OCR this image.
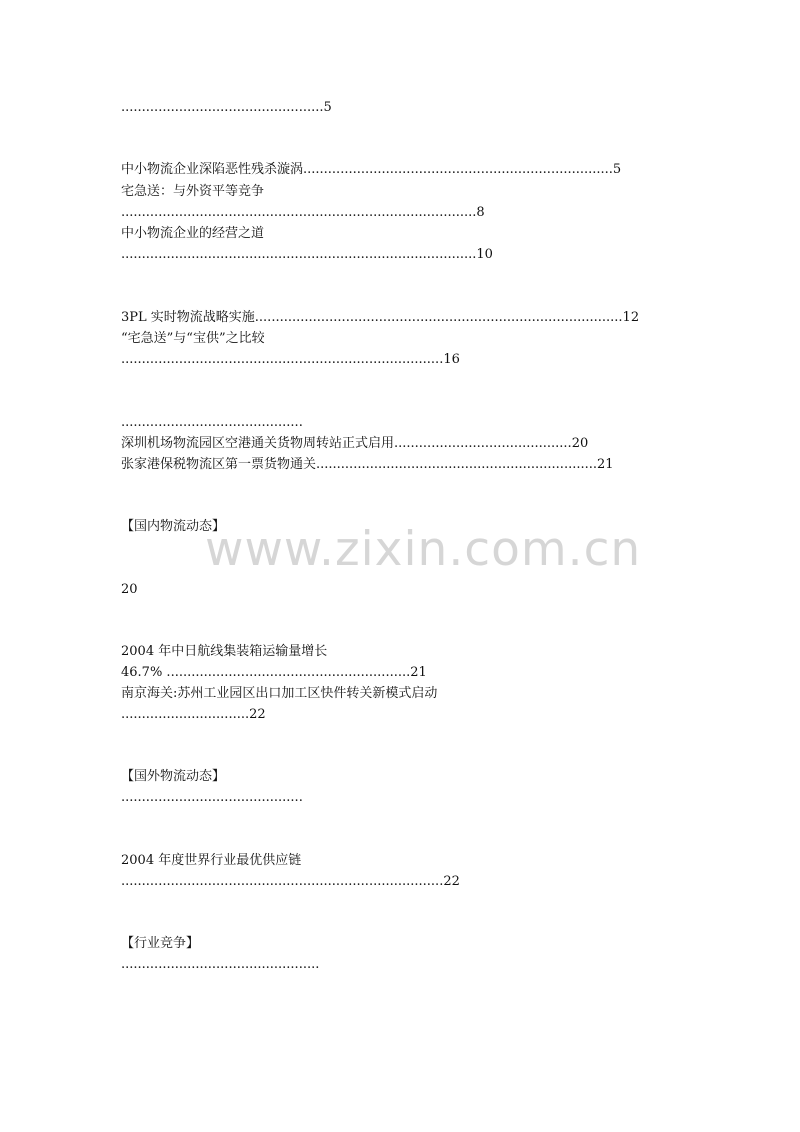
www.zixin.com.cn
.................................................5
中小物流企业深陷恶性残杀漩涡...........................................................................5
宅急送：与外资平等竞争
......................................................................................8
中小物流企业的经营之道
......................................................................................10
3PL 实时物流战略实施.........................................................................................12
“宅急送”与“宝供”之比较
..............................................................................16
............................................
深圳机场物流园区空港通关货物周转站正式启用...........................................20
张家港保税物流区第一票货物通关....................................................................21
【国内物流动态】
20
2004 年中日航线集装箱运输量增长
46.7% ...........................................................21
南京海关:苏州工业园区出口加工区快件转关新模式启动
...............................22
【国外物流动态】
............................................
2004 年度世界行业最优供应链
..............................................................................22
【行业竞争】
................................................
